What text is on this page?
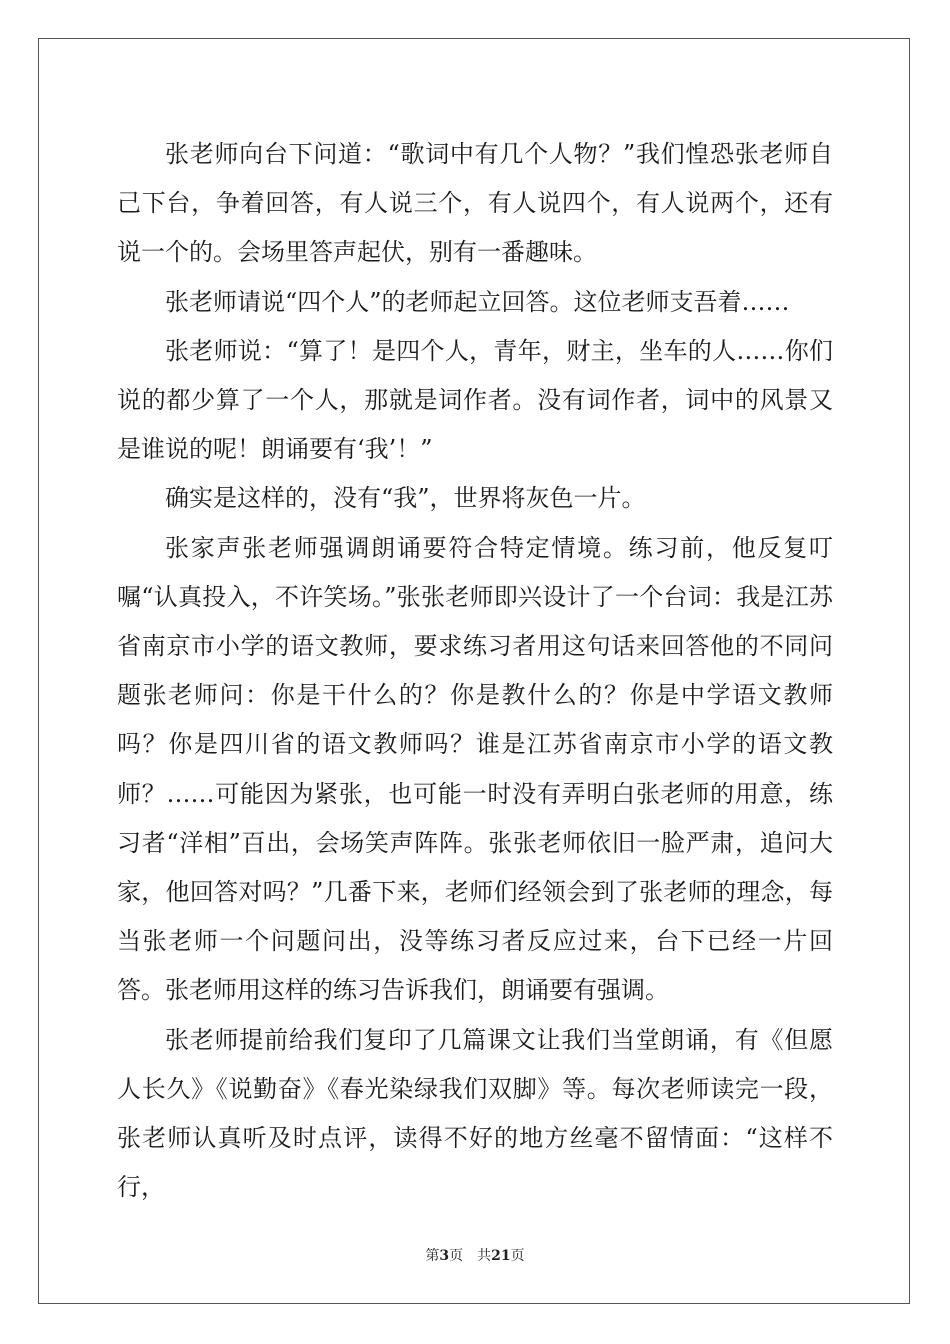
张老师向台下问道：“歌词中有几个人物？”我们惶恐张老师自己下台，争着回答，有人说三个，有人说四个，有人说两个，还有说一个的。会场里答声起伏，别有一番趣味。

张老师请说“四个人”的老师起立回答。这位老师支吾着……

张老师说：“算了！是四个人，青年，财主，坐车的人……你们说的都少算了一个人，那就是词作者。没有词作者，词中的风景又是谁说的呢！朗诵要有‘我’！”

确实是这样的，没有“我”，世界将灰色一片。

张家声张老师强调朗诵要符合特定情境。练习前，他反复叮嘱“认真投入，不许笑场。”张张老师即兴设计了一个台词：我是江苏省南京市小学的语文教师，要求练习者用这句话来回答他的不同问题张老师问：你是干什么的？你是教什么的？你是中学语文教师吗？你是四川省的语文教师吗？谁是江苏省南京市小学的语文教师？……可能因为紧张，也可能一时没有弄明白张老师的用意，练习者“洋相”百出，会场笑声阵阵。张张老师依旧一脸严肃，追问大家，他回答对吗？”几番下来，老师们经领会到了张老师的理念，每当张老师一个问题问出，没等练习者反应过来，台下已经一片回答。张老师用这样的练习告诉我们，朗诵要有强调。

张老师提前给我们复印了几篇课文让我们当堂朗诵，有《但愿人长久》《说勤奋》《春光染绿我们双脚》等。每次老师读完一段，张老师认真听及时点评，读得不好的地方丝毫不留情面：“这样不行，

第3页 共21页
